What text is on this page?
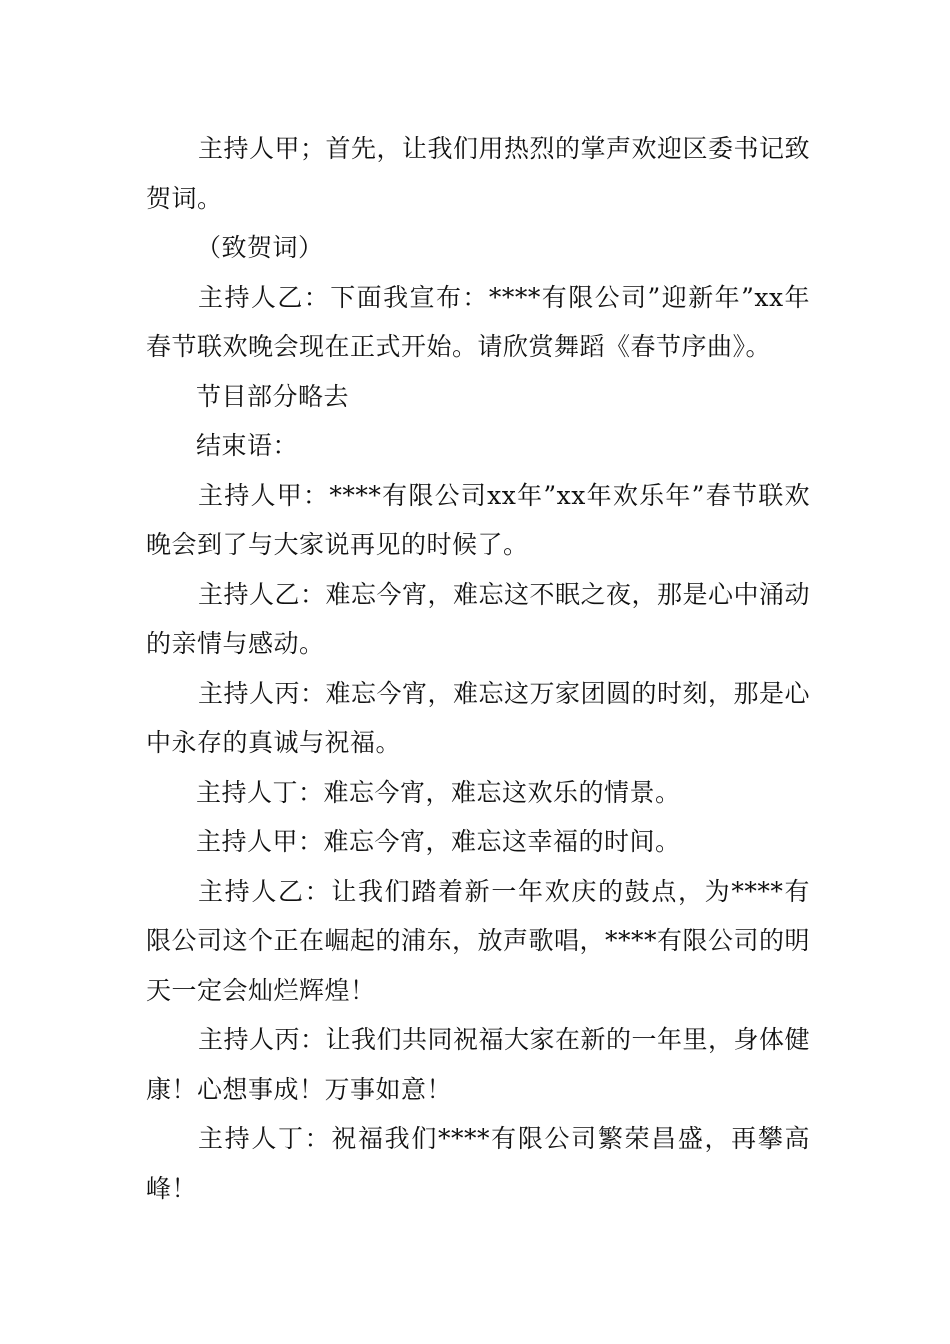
主持人甲；首先，让我们用热烈的掌声欢迎区委书记致贺词。

（致贺词）

主持人乙：下面我宣布：****有限公司”迎新年”xx年春节联欢晚会现在正式开始。请欣赏舞蹈《春节序曲》。

节目部分略去

结束语：

主持人甲：****有限公司xx年”xx年欢乐年”春节联欢晚会到了与大家说再见的时候了。

主持人乙：难忘今宵，难忘这不眠之夜，那是心中涌动的亲情与感动。

主持人丙：难忘今宵，难忘这万家团圆的时刻，那是心中永存的真诚与祝福。

主持人丁：难忘今宵，难忘这欢乐的情景。

主持人甲：难忘今宵，难忘这幸福的时间。

主持人乙：让我们踏着新一年欢庆的鼓点，为****有限公司这个正在崛起的浦东，放声歌唱，****有限公司的明天一定会灿烂辉煌！

主持人丙：让我们共同祝福大家在新的一年里，身体健康！心想事成！万事如意！

主持人丁：祝福我们****有限公司繁荣昌盛，再攀高峰！
